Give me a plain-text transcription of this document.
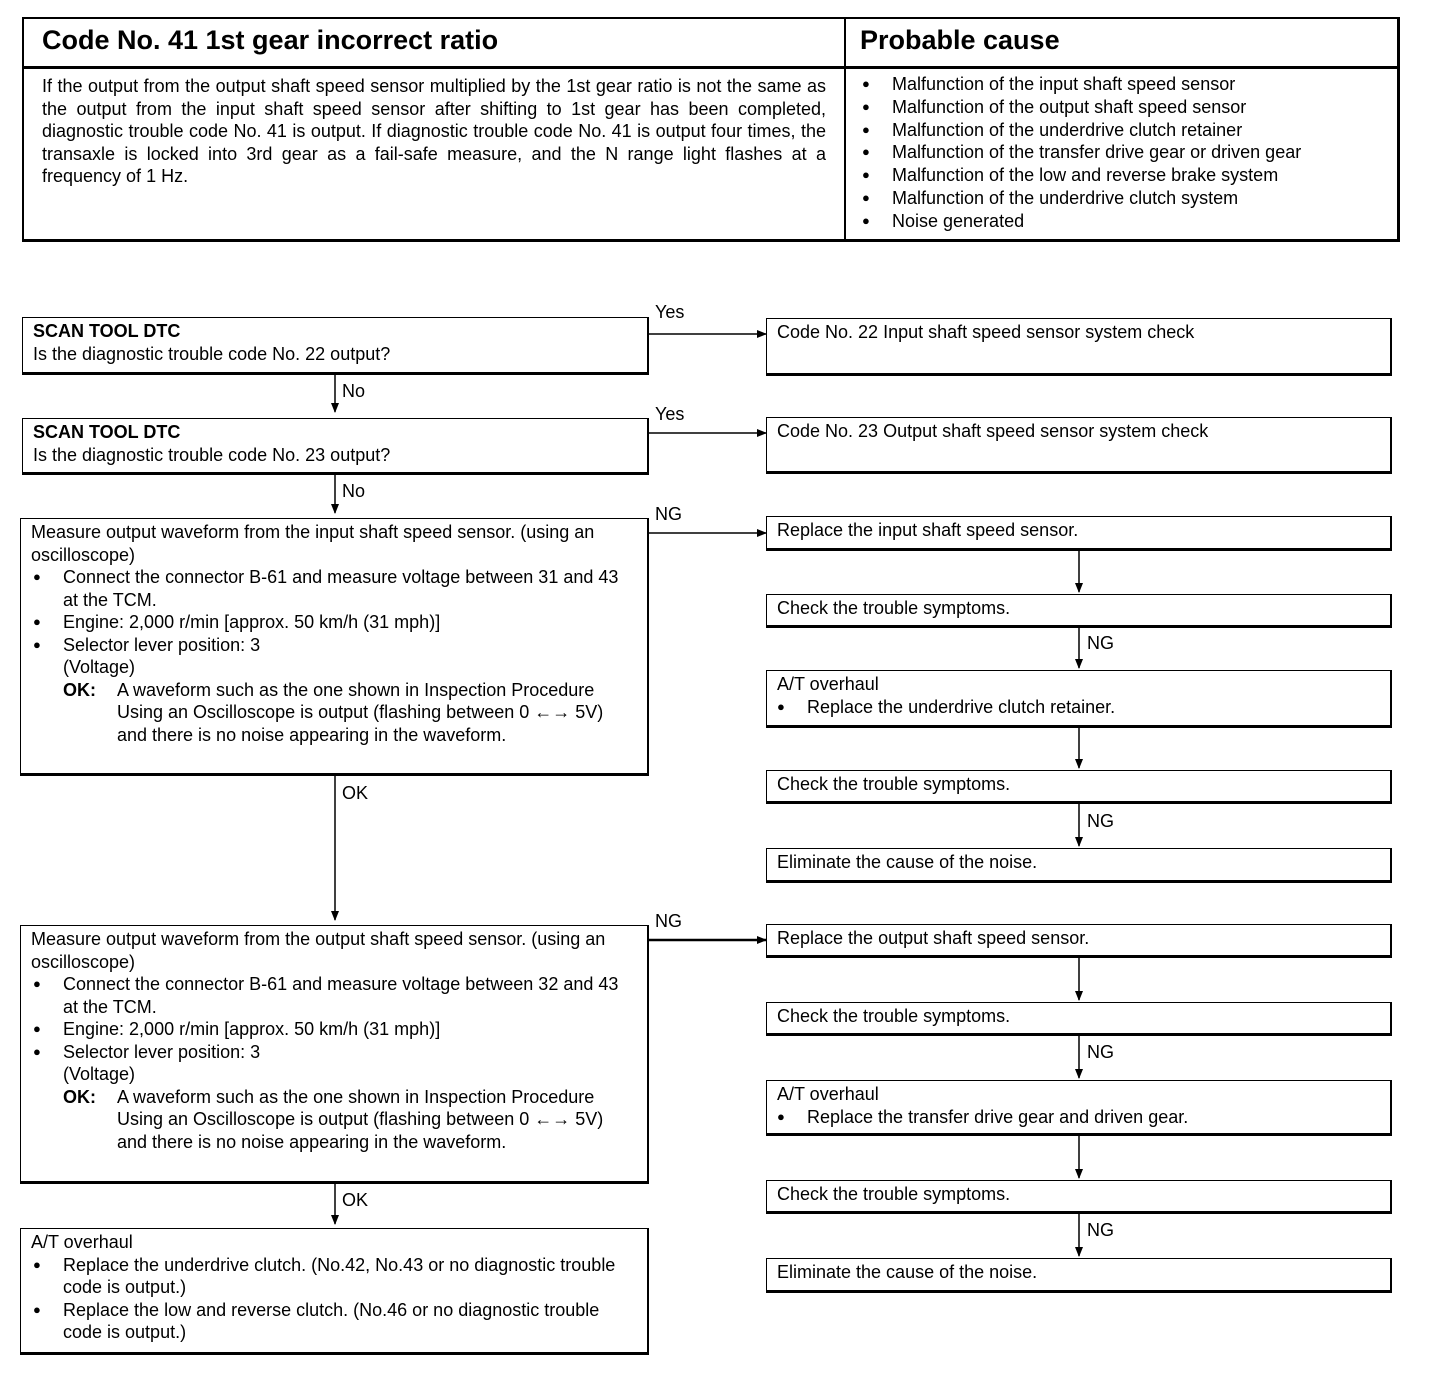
Code No. 41 1st gear incorrect ratio	Probable cause
If the output from the output shaft speed sensor multiplied by the 1st gear ratio is not the same as the output from the input shaft speed sensor after shifting to 1st gear has been completed, diagnostic trouble code No. 41 is output. If diagnostic trouble code No. 41 is output four times, the transaxle is locked into 3rd gear as a fail-safe measure, and the N range light flashes at a frequency of 1 Hz.
● Malfunction of the input shaft speed sensor
● Malfunction of the output shaft speed sensor
● Malfunction of the underdrive clutch retainer
● Malfunction of the transfer drive gear or driven gear
● Malfunction of the low and reverse brake system
● Malfunction of the underdrive clutch system
● Noise generated
SCAN TOOL DTC
Is the diagnostic trouble code No. 22 output?
SCAN TOOL DTC
Is the diagnostic trouble code No. 23 output?
Measure output waveform from the input shaft speed sensor. (using an oscilloscope)
● Connect the connector B-61 and measure voltage between 31 and 43 at the TCM.
● Engine: 2,000 r/min [approx. 50 km/h (31 mph)]
● Selector lever position: 3
(Voltage)
OK:	A waveform such as the one shown in Inspection Procedure Using an Oscilloscope is output (flashing between 0 ←→ 5V) and there is no noise appearing in the waveform.
Measure output waveform from the output shaft speed sensor. (using an oscilloscope)
● Connect the connector B-61 and measure voltage between 32 and 43 at the TCM.
● Engine: 2,000 r/min [approx. 50 km/h (31 mph)]
● Selector lever position: 3
(Voltage)
OK:	A waveform such as the one shown in Inspection Procedure Using an Oscilloscope is output (flashing between 0 ←→ 5V) and there is no noise appearing in the waveform.
A/T overhaul
● Replace the underdrive clutch. (No.42, No.43 or no diagnostic trouble code is output.)
● Replace the low and reverse clutch. (No.46 or no diagnostic trouble code is output.)
Code No. 22 Input shaft speed sensor system check
Code No. 23 Output shaft speed sensor system check
Replace the input shaft speed sensor.
Check the trouble symptoms.
A/T overhaul
● Replace the underdrive clutch retainer.
Check the trouble symptoms.
Eliminate the cause of the noise.
Replace the output shaft speed sensor.
Check the trouble symptoms.
A/T overhaul
● Replace the transfer drive gear and driven gear.
Check the trouble symptoms.
Eliminate the cause of the noise.
Yes
No
Yes
No
NG
OK
NG
OK
NG
NG
NG
NG
